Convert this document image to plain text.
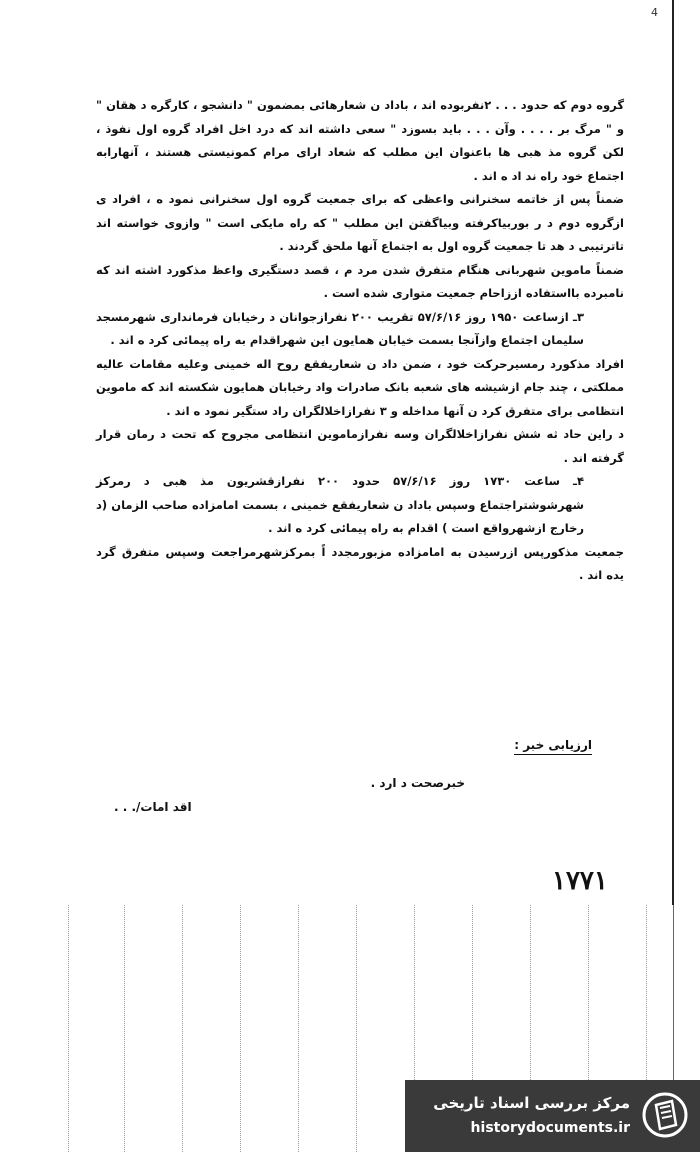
4

گروه دوم که حدود . . . ۲نفربوده اند ، باداد ن شعارهائی بمضمون " دانشجو ، کارگره د هقان " و " مرگ بر . . . . وآن . . . باید بسوزد " سعی داشته اند که درد اخل افراد گروه اول نفوذ ، لکن گروه مذ هبی ها باعنوان این مطلب که شعاد ارای مرام کمونیستی هستند ، آنهارابه اجتماع خود راه ند اد ه اند .

ضمناً پس از خاتمه سخنرانی واعظی که برای جمعیت گروه اول سخنرانی نمود ه ، افراد ی ازگروه دوم د ر بوربیاکرفته وبیاگفتن این مطلب " که راه مایکی است " وازوی خواسته اند تاترتیبی د هد تا جمعیت گروه اول به اجتماع آنها ملحق گردند .

ضمناً ماموین شهربانی هنگام متفرق شدن مرد م ، قصد دستگیری واعظ مذکورد اشته اند که نامبرده بااستفاده اززاحام جمعیت متواری شده است .

۳ـ ازساعت ۱۹۵۰ روز ۵۷/۶/۱۶ تقریب ۲۰۰ نفرازجوانان د رخیابان فرمانداری شهرمسجد سلیمان اجتماع وازآنجا بسمت خیابان همایون این شهراقدام به راه پیمائی کرد ه اند .

افراد مذکورد رمسیرحرکت خود ، ضمن داد ن شعاریفقع روح اله خمینی وعلیه مقامات عالیه مملکتی ، چند جام ازشیشه های شعبه بانک صادرات واد رخیابان همایون شکسته اند که ماموین انتظامی برای متفرق کرد ن آنها مداخله و ۳ نفرازاخلالگران راد ستگیر نمود ه اند .

د راین حاد ثه شش نفرازاخلالگران وسه نفرازماموین انتظامی مجروح که تحت د رمان قرار گرفته اند .

۴ـ ساعت ۱۷۳۰ روز ۵۷/۶/۱۶ حدود ۲۰۰ نفرازقشریون مذ هبی د رمرکز شهرشوشتراجتماع وسپس باداد ن شعاریفقع خمینی ، بسمت امامزاده صاحب الزمان (د رخارج ازشهرواقع است ) اقدام به راه پیمائی کرد ه اند .

جمعیت مذکورپس ازرسیدن به امامزاده مزبورمجدد اً بمرکزشهرمراجعت وسپس متفرق گرد یده اند .

ارزیابی خبر :
خبرصحت د ارد .
اقد امات/. . .
۱۷۷۱
مرکز بررسی اسناد تاریخی
historydocuments.ir
